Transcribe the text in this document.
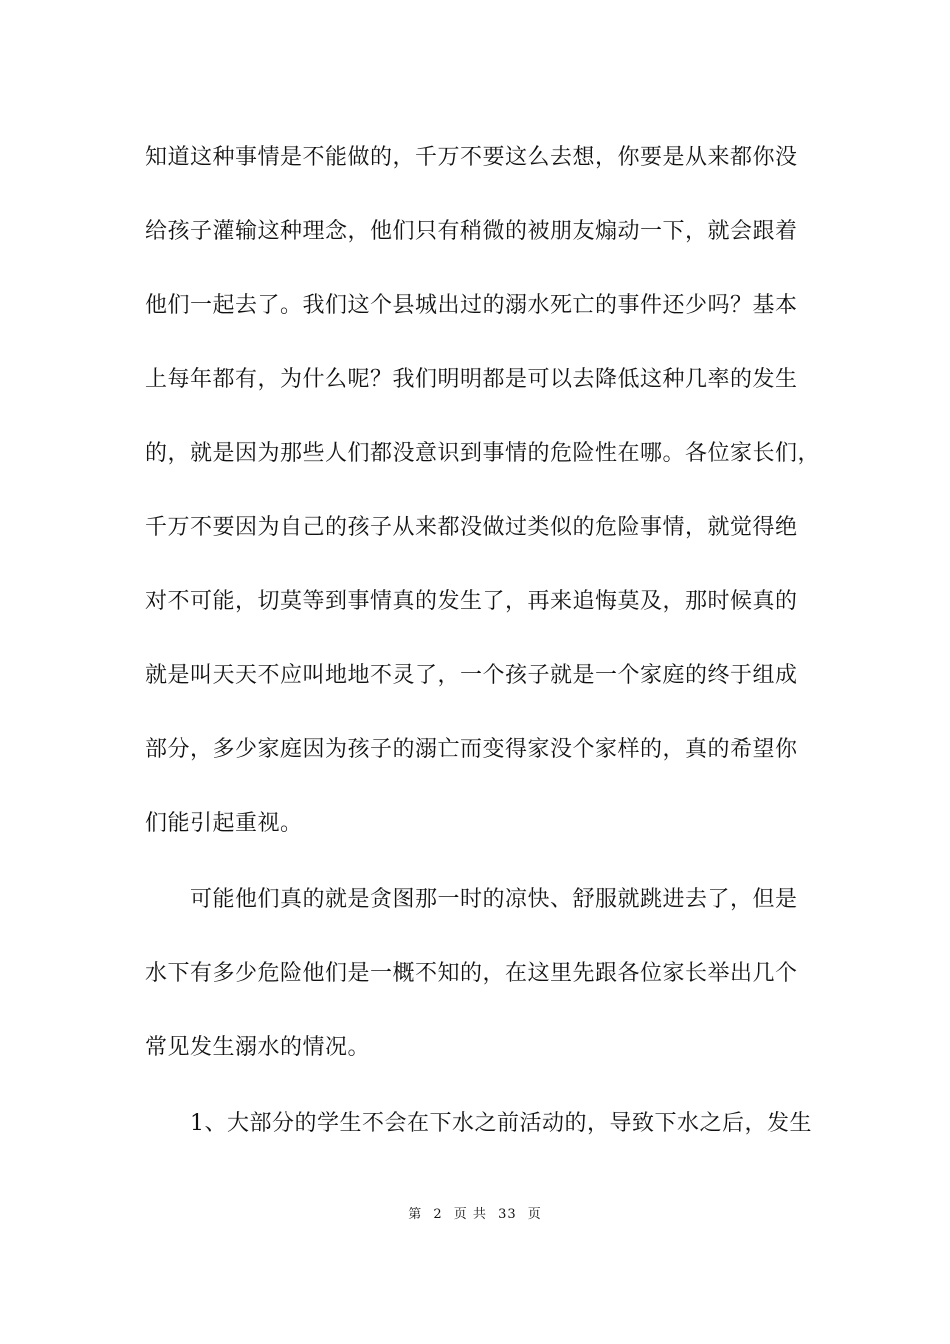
知道这种事情是不能做的，千万不要这么去想，你要是从来都你没
给孩子灌输这种理念，他们只有稍微的被朋友煽动一下，就会跟着
他们一起去了。我们这个县城出过的溺水死亡的事件还少吗？基本
上每年都有，为什么呢？我们明明都是可以去降低这种几率的发生
的，就是因为那些人们都没意识到事情的危险性在哪。各位家长们，
千万不要因为自己的孩子从来都没做过类似的危险事情，就觉得绝
对不可能，切莫等到事情真的发生了，再来追悔莫及，那时候真的
就是叫天天不应叫地地不灵了，一个孩子就是一个家庭的终于组成
部分，多少家庭因为孩子的溺亡而变得家没个家样的，真的希望你
们能引起重视。
可能他们真的就是贪图那一时的凉快、舒服就跳进去了，但是
水下有多少危险他们是一概不知的，在这里先跟各位家长举出几个
常见发生溺水的情况。
1、大部分的学生不会在下水之前活动的，导致下水之后，发生
第 2 页 共 33 页
